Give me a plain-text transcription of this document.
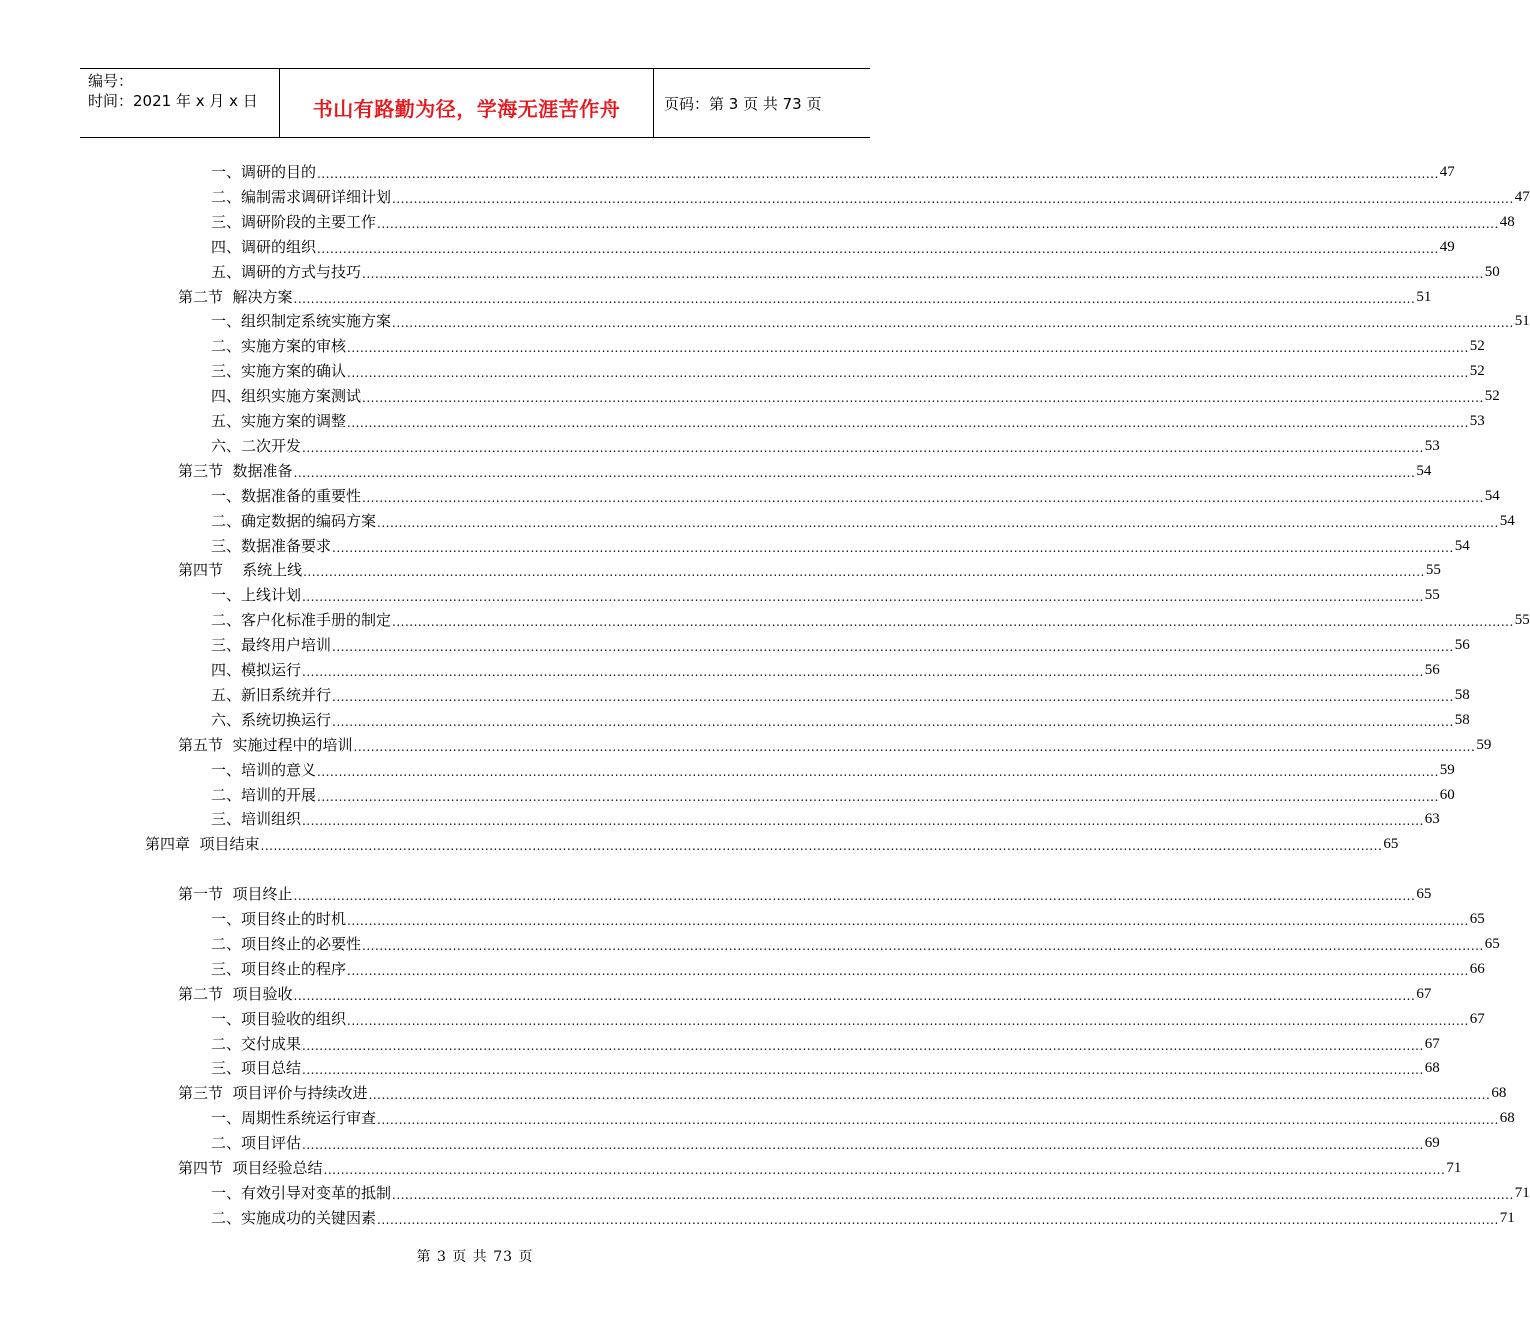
编号：
时间：2021 年 x 月 x 日	书山有路勤为径，学海无涯苦作舟	页码：第 3 页 共 73 页
一、调研的目的 .................................................................................................................................................................................................................................................................... 47
二、编制需求调研详细计划 .................................................................................................................................................................................................................................................................... 47
三、调研阶段的主要工作 .................................................................................................................................................................................................................................................................... 48
四、调研的组织 .................................................................................................................................................................................................................................................................... 49
五、调研的方式与技巧 .................................................................................................................................................................................................................................................................... 50
第二节  解决方案 .................................................................................................................................................................................................................................................................... 51
一、组织制定系统实施方案 .................................................................................................................................................................................................................................................................... 51
二、实施方案的审核 .................................................................................................................................................................................................................................................................... 52
三、实施方案的确认 .................................................................................................................................................................................................................................................................... 52
四、组织实施方案测试 .................................................................................................................................................................................................................................................................... 52
五、实施方案的调整 .................................................................................................................................................................................................................................................................... 53
六、二次开发 .................................................................................................................................................................................................................................................................... 53
第三节  数据准备 .................................................................................................................................................................................................................................................................... 54
一、数据准备的重要性 .................................................................................................................................................................................................................................................................... 54
二、确定数据的编码方案 .................................................................................................................................................................................................................................................................... 54
三、数据准备要求 .................................................................................................................................................................................................................................................................... 54
第四节    系统上线 .................................................................................................................................................................................................................................................................... 55
一、上线计划 .................................................................................................................................................................................................................................................................... 55
二、客户化标准手册的制定 .................................................................................................................................................................................................................................................................... 55
三、最终用户培训 .................................................................................................................................................................................................................................................................... 56
四、模拟运行 .................................................................................................................................................................................................................................................................... 56
五、新旧系统并行 .................................................................................................................................................................................................................................................................... 58
六、系统切换运行 .................................................................................................................................................................................................................................................................... 58
第五节  实施过程中的培训 .................................................................................................................................................................................................................................................................... 59
一、培训的意义 .................................................................................................................................................................................................................................................................... 59
二、培训的开展 .................................................................................................................................................................................................................................................................... 60
三、培训组织 .................................................................................................................................................................................................................................................................... 63
第四章  项目结束 .................................................................................................................................................................................................................................................................... 65
第一节  项目终止 .................................................................................................................................................................................................................................................................... 65
一、项目终止的时机 .................................................................................................................................................................................................................................................................... 65
二、项目终止的必要性 .................................................................................................................................................................................................................................................................... 65
三、项目终止的程序 .................................................................................................................................................................................................................................................................... 66
第二节  项目验收 .................................................................................................................................................................................................................................................................... 67
一、项目验收的组织 .................................................................................................................................................................................................................................................................... 67
二、交付成果 .................................................................................................................................................................................................................................................................... 67
三、项目总结 .................................................................................................................................................................................................................................................................... 68
第三节  项目评价与持续改进 .................................................................................................................................................................................................................................................................... 68
一、周期性系统运行审查 .................................................................................................................................................................................................................................................................... 68
二、项目评估 .................................................................................................................................................................................................................................................................... 69
第四节  项目经验总结 .................................................................................................................................................................................................................................................................... 71
一、有效引导对变革的抵制 .................................................................................................................................................................................................................................................................... 71
二、实施成功的关键因素 .................................................................................................................................................................................................................................................................... 71
第 3 页 共 73 页
